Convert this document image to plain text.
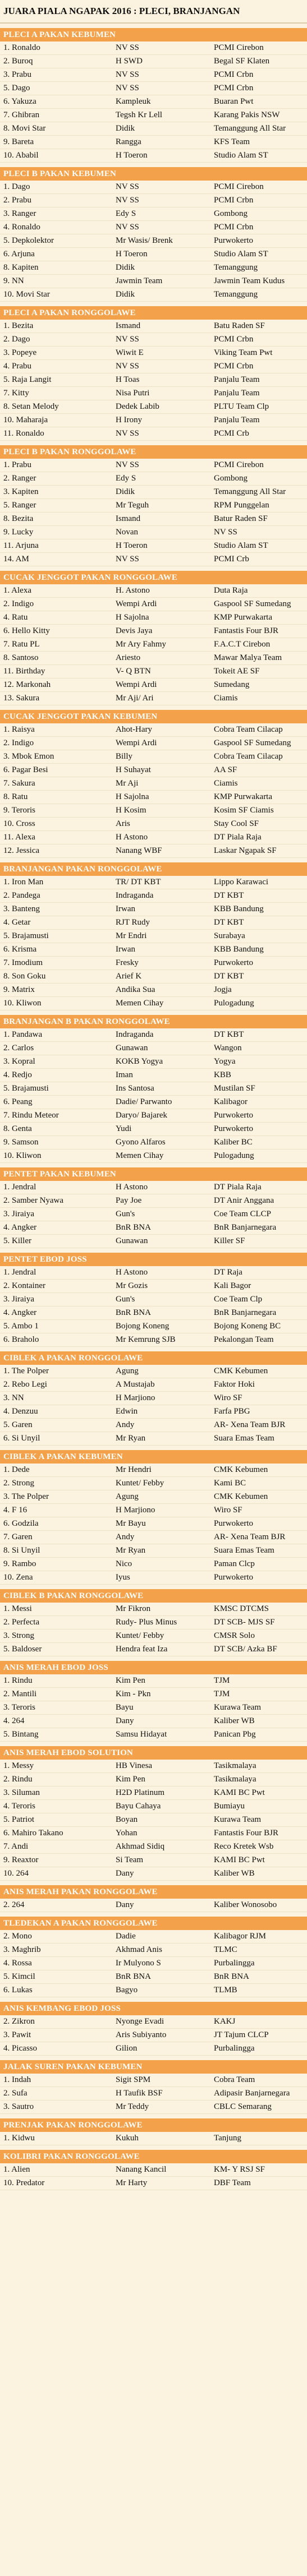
JUARA PIALA NGAPAK 2016 : PLECI, BRANJANGAN
PLECI A PAKAN KEBUMEN
1. Ronaldo	NV SS	PCMI Cirebon
2. Buroq	H SWD	Begal SF Klaten
3. Prabu	NV SS	PCMI Crbn
5. Dago	NV SS	PCMI Crbn
6. Yakuza	Kampleuk	Buaran Pwt
7. Ghibran	Tegsh Kr Lell	Karang Pakis NSW
8. Movi Star	Didik	Temanggung All Star
9. Bareta	Rangga	KFS Team
10. Ababil	H Toeron	Studio Alam ST
PLECI B PAKAN KEBUMEN
1. Dago	NV SS	PCMI Cirebon
2. Prabu	NV SS	PCMI Crbn
3. Ranger	Edy S	Gombong
4. Ronaldo	NV SS	PCMI Crbn
5. Depkolektor	Mr Wasis/ Brenk	Purwokerto
6. Arjuna	H Toeron	Studio Alam ST
8. Kapiten	Didik	Temanggung
9. NN	Jawmin Team	Jawmin Team Kudus
10. Movi Star	Didik	Temanggung
PLECI A PAKAN RONGGOLAWE
1. Bezita	Ismand	Batu Raden SF
2. Dago	NV SS	PCMI Crbn
3. Popeye	Wiwit E	Viking Team Pwt
4. Prabu	NV SS	PCMI Crbn
5. Raja Langit	H Toas	Panjalu Team
7. Kitty	Nisa Putri	Panjalu Team
8. Setan Melody	Dedek Labib	PLTU Team Clp
10. Maharaja	H Irony	Panjalu Team
11. Ronaldo	NV SS	PCMI Crb
PLECI B PAKAN RONGGOLAWE
1. Prabu	NV SS	PCMI Cirebon
2. Ranger	Edy S	Gombong
3. Kapiten	Didik	Temanggung All Star
5. Ranger	Mr Teguh	RPM Punggelan
8. Bezita	Ismand	Batur Raden SF
9. Lucky	Novan	NV SS
11. Arjuna	H Toeron	Studio Alam ST
14. AM	NV SS	PCMI Crb
CUCAK JENGGOT PAKAN RONGGOLAWE
1. Alexa	H. Astono	Duta Raja
2. Indigo	Wempi Ardi	Gaspool SF Sumedang
4. Ratu	H Sajolna	KMP Purwakarta
6. Hello Kitty	Devis Jaya	Fantastis Four BJR
7. Ratu PL	Mr Ary Fahmy	F.A.C.T Cirebon
8. Santoso	Ariesto	Mawar Malya Team
11. Birthday	V- Q BTN	Tokeit AE SF
12. Markonah	Wempi Ardi	Sumedang
13. Sakura	Mr Aji/ Ari	Ciamis
CUCAK JENGGOT PAKAN KEBUMEN
1. Raisya	Ahot-Hary	Cobra Team Cilacap
2. Indigo	Wempi Ardi	Gaspool SF Sumedang
3. Mbok Emon	Billy	Cobra Team Cilacap
6. Pagar Besi	H Suhayat	AA SF
7. Sakura	Mr Aji	Ciamis
8. Ratu	H Sajolna	KMP Purwakarta
9. Teroris	H Kosim	Kosim SF Ciamis
10. Cross	Aris	Stay Cool SF
11. Alexa	H Astono	DT Piala Raja
12. Jessica	Nanang WBF	Laskar Ngapak SF
BRANJANGAN PAKAN RONGGOLAWE
1. Iron Man	TR/ DT KBT	Lippo Karawaci
2. Pandega	Indraganda	DT KBT
3. Banteng	Irwan	KBB Bandung
4. Getar	RJT Rudy	DT KBT
5. Brajamusti	Mr Endri	Surabaya
6. Krisma	Irwan	KBB Bandung
7. Imodium	Fresky	Purwokerto
8. Son Goku	Arief K	DT KBT
9. Matrix	Andika Sua	Jogja
10. Kliwon	Memen Cihay	Pulogadung
BRANJANGAN B PAKAN RONGGOLAWE
1. Pandawa	Indraganda	DT KBT
2. Carlos	Gunawan	Wangon
3. Kopral	KOKB Yogya	Yogya
4. Redjo	Iman	KBB
5. Brajamusti	Ins Santosa	Mustilan SF
6. Peang	Dadie/ Parwanto	Kalibagor
7. Rindu Meteor	Daryo/ Bajarek	Purwokerto
8. Genta	Yudi	Purwokerto
9. Samson	Gyono Alfaros	Kaliber BC
10. Kliwon	Memen Cihay	Pulogadung
PENTET PAKAN KEBUMEN
1. Jendral	H Astono	DT Piala Raja
2. Samber Nyawa	Pay Joe	DT Anir Anggana
3. Jiraiya	Gun's	Coe Team CLCP
4. Angker	BnR BNA	BnR Banjarnegara
5. Killer	Gunawan	Killer SF
PENTET EBOD JOSS
1. Jendral	H Astono	DT Raja
2. Kontainer	Mr Gozis	Kali Bagor
3. Jiraiya	Gun's	Coe Team Clp
4. Angker	BnR BNA	BnR Banjarnegara
5. Ambo 1	Bojong Koneng	Bojong Koneng BC
6. Braholo	Mr Kemrung SJB	Pekalongan Team
CIBLEK A PAKAN RONGGOLAWE
1. The Polper	Agung	CMK Kebumen
2. Rebo Legi	A Mustajab	Faktor Hoki
3. NN	H Marjiono	Wiro SF
4. Denzuu	Edwin	Farfa PBG
5. Garen	Andy	AR- Xena Team BJR
6. Si Unyil	Mr Ryan	Suara Emas Team
CIBLEK A PAKAN KEBUMEN
1. Dede	Mr Hendri	CMK Kebumen
2. Strong	Kuntet/ Febby	Kami BC
3. The Polper	Agung	CMK Kebumen
4. F 16	H Marjiono	Wiro SF
6. Godzila	Mr Bayu	Purwokerto
7. Garen	Andy	AR- Xena Team BJR
8. Si Unyil	Mr Ryan	Suara Emas Team
9. Rambo	Nico	Paman Clcp
10. Zena	Iyus	Purwokerto
CIBLEK B PAKAN RONGGOLAWE
1. Messi	Mr Fikron	KMSC DTCMS
2. Perfecta	Rudy- Plus Minus	DT SCB- MJS SF
3. Strong	Kuntet/ Febby	CMSR Solo
5. Baldoser	Hendra feat Iza	DT SCB/ Azka BF
ANIS MERAH EBOD JOSS
1. Rindu	Kim Pen	TJM
2. Mantili	Kim - Pkn	TJM
3. Teroris	Bayu	Kurawa Team
4. 264	Dany	Kaliber WB
5. Bintang	Samsu Hidayat	Panican Pbg
ANIS MERAH EBOD SOLUTION
1. Messy	HB Vinesa	Tasikmalaya
2. Rindu	Kim Pen	Tasikmalaya
3. Siluman	H2D Platinum	KAMI BC Pwt
4. Teroris	Bayu Cahaya	Bumiayu
5. Patriot	Boyan	Kurawa Team
6. Mahiro Takano	Yohan	Fantastis Four BJR
7. Andi	Akhmad Sidiq	Reco Kretek Wsb
9. Reaxtor	Si Team	KAMI BC Pwt
10. 264	Dany	Kaliber WB
ANIS MERAH PAKAN RONGGOLAWE
2. 264	Dany	Kaliber Wonosobo
TLEDEKAN A PAKAN RONGGOLAWE
2. Mono	Dadie	Kalibagor RJM
3. Maghrib	Akhmad Anis	TLMC
4. Rossa	Ir Mulyono S	Purbalingga
5. Kimcil	BnR BNA	BnR BNA
6. Lukas	Bagyo	TLMB
ANIS KEMBANG EBOD JOSS
2. Zikron	Nyonge Evadi	KAKJ
3. Pawit	Aris Subiyanto	JT Tajum CLCP
4. Picasso	Gilion	Purbalingga
JALAK SUREN PAKAN KEBUMEN
1. Indah	Sigit SPM	Cobra Team
2. Sufa	H Taufik BSF	Adipasir Banjarnegara
3. Sautro	Mr Teddy	CBLC Semarang
PRENJAK PAKAN RONGGOLAWE
1. Kidwu	Kukuh	Tanjung
KOLIBRI PAKAN RONGGOLAWE
1. Alien	Nanang Kancil	KM- Y RSJ SF
10. Predator	Mr Harty	DBF Team
